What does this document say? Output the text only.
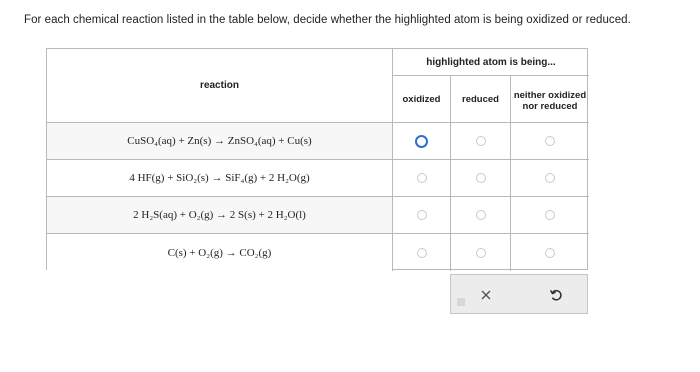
For each chemical reaction listed in the table below, decide whether the highlighted atom is being oxidized or reduced.
reaction
highlighted atom is being...
oxidized	reduced	neither oxidized nor reduced
CuSO₄(aq) + Zn(s) → ZnSO₄(aq) + Cu(s)
4 HF(g) + SiO₂(s) → SiF₄(g) + 2 H₂O(g)
2 H₂S(aq) + O₂(g) → 2 S(s) + 2 H₂O(l)
C(s) + O₂(g) → CO₂(g)
